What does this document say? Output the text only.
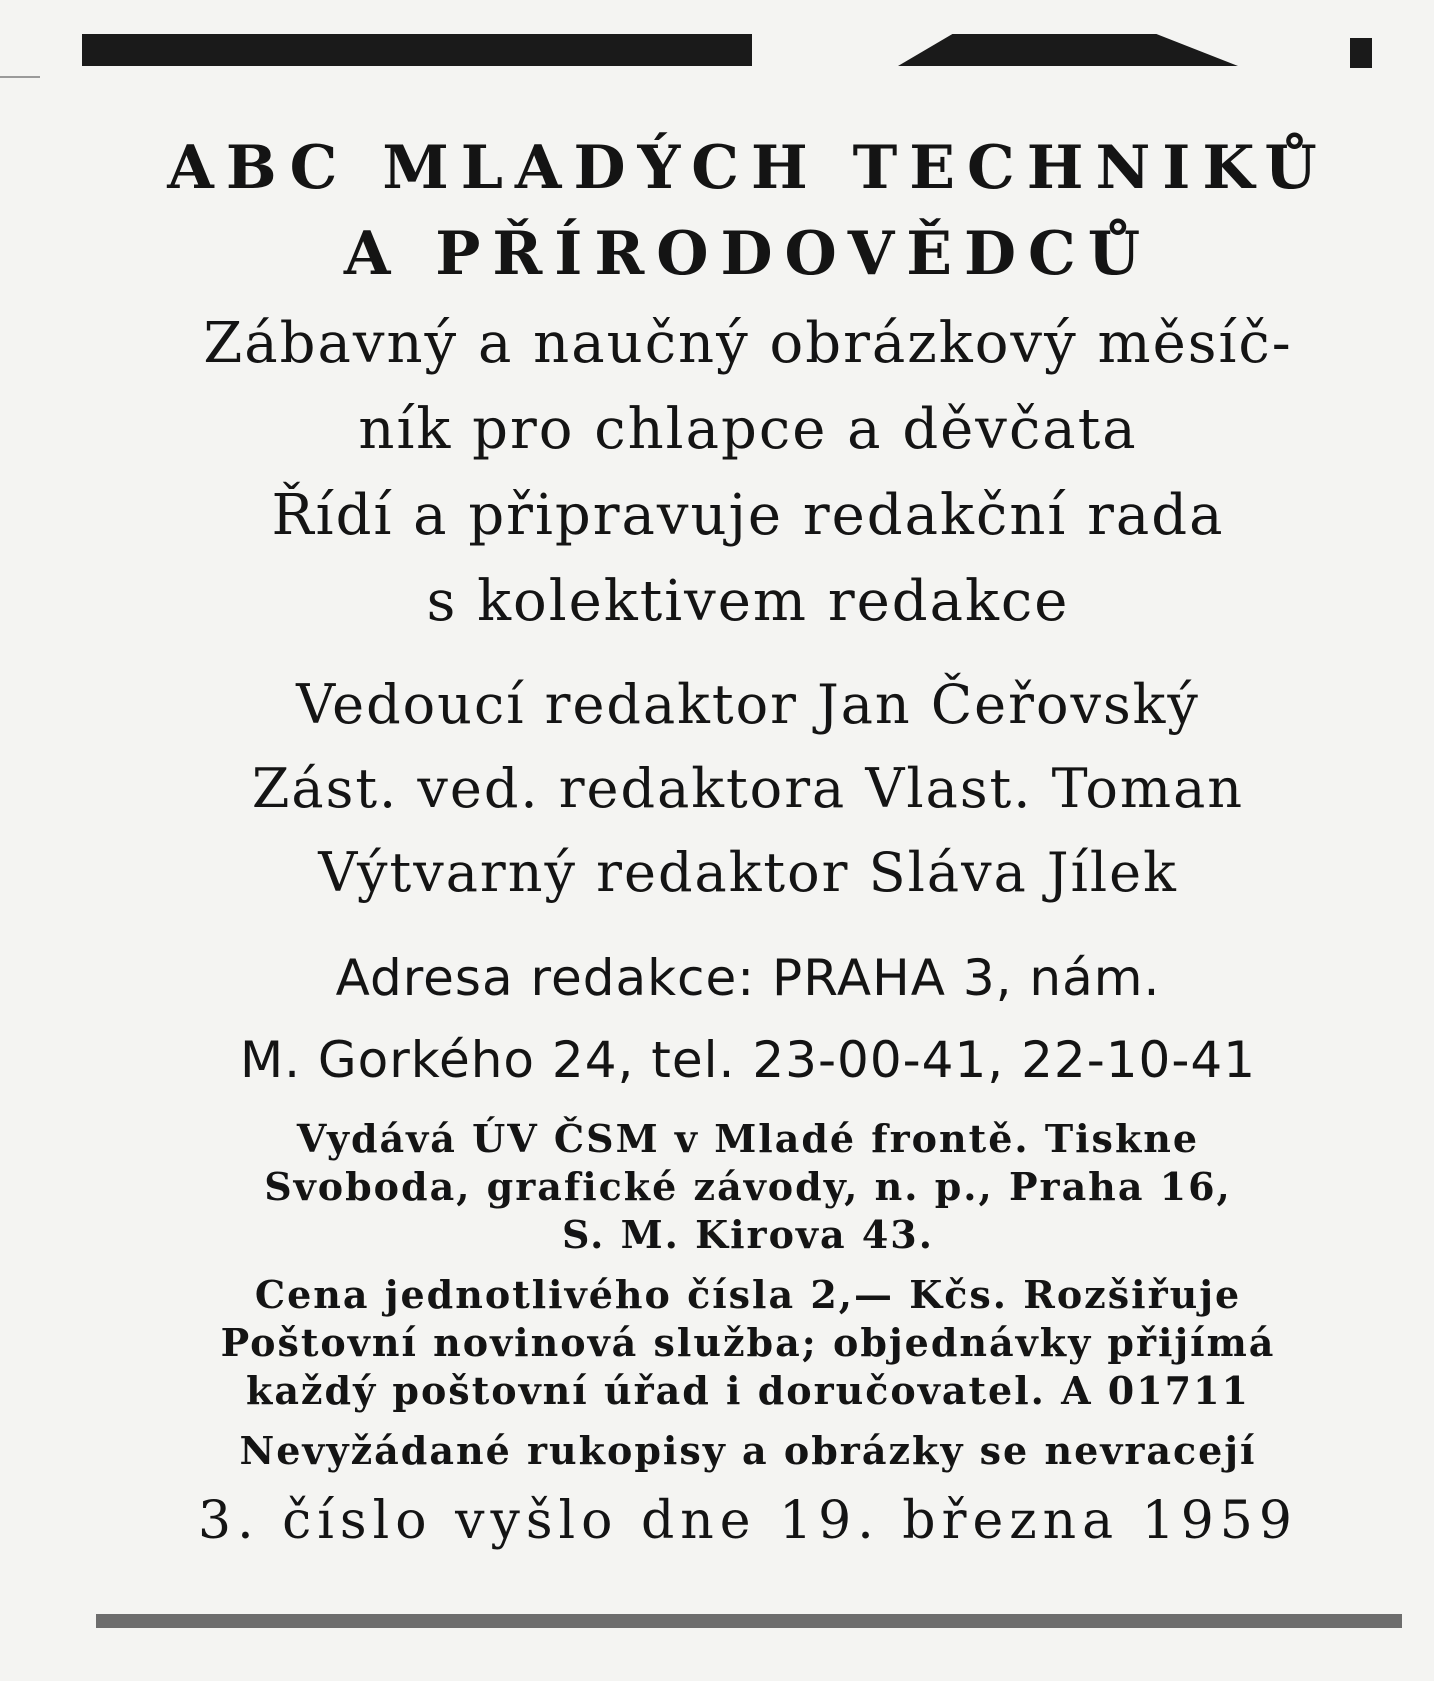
ABC MLADÝCH TECHNIKŮ

A PŘÍRODOVĚDCŮ

Zábavný a naučný obrázkový měsíč-

ník pro chlapce a děvčata

Řídí a připravuje redakční rada

s kolektivem redakce

Vedoucí redaktor Jan Čeřovský

Zást. ved. redaktora Vlast. Toman

Výtvarný redaktor Sláva Jílek

Adresa redakce: PRAHA 3, nám.

M. Gorkého 24, tel. 23-00-41, 22-10-41

Vydává ÚV ČSM v Mladé frontě. Tiskne

Svoboda, grafické závody, n. p., Praha 16,

S. M. Kirova 43.

Cena jednotlivého čísla 2,— Kčs. Rozšiřuje

Poštovní novinová služba; objednávky přijímá

každý poštovní úřad i doručovatel. A 01711

Nevyžádané rukopisy a obrázky se nevracejí

3. číslo vyšlo dne 19. března 1959
